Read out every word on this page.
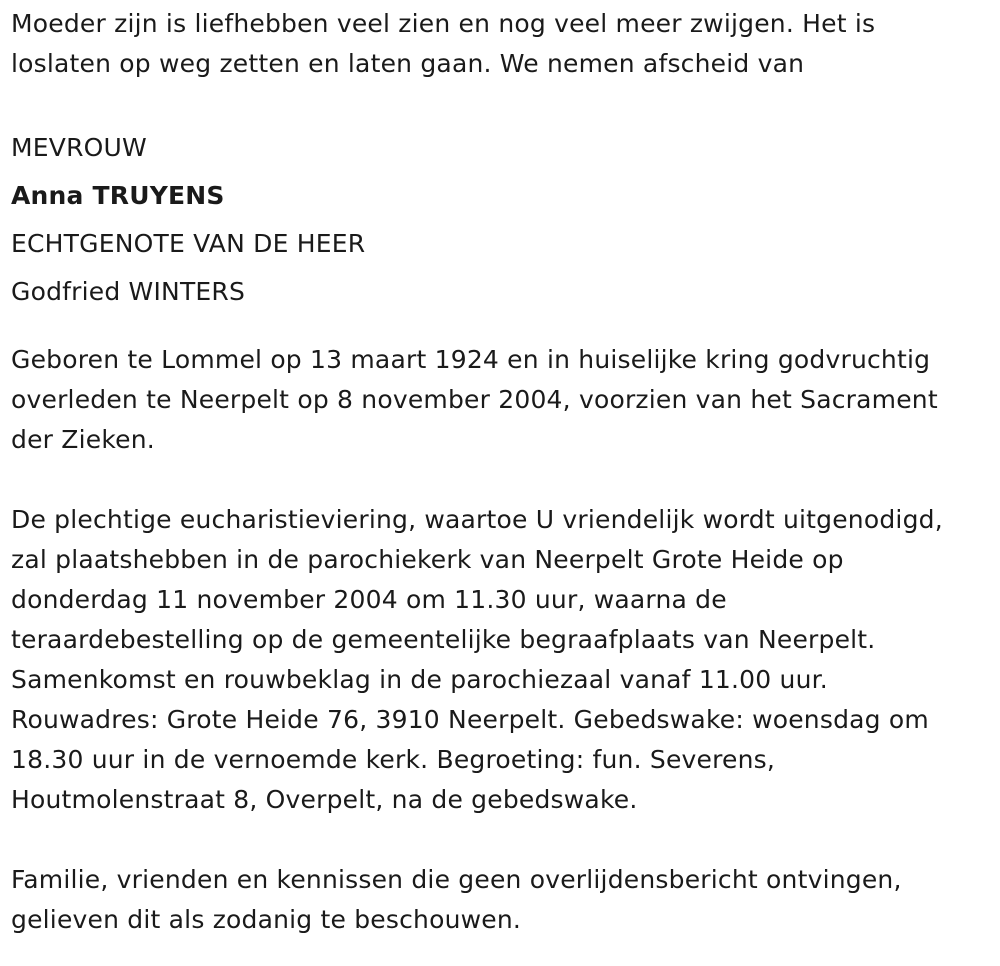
Moeder zijn is liefhebben veel zien en nog veel meer zwijgen. Het is

loslaten op weg zetten en laten gaan. We nemen afscheid van

MEVROUW
Anna TRUYENS
ECHTGENOTE VAN DE HEER
Godfried WINTERS

Geboren te Lommel op 13 maart 1924 en in huiselijke kring godvruchtig

overleden te Neerpelt op 8 november 2004, voorzien van het Sacrament

der Zieken.

De plechtige eucharistieviering, waartoe U vriendelijk wordt uitgenodigd,

zal plaatshebben in de parochiekerk van Neerpelt Grote Heide op

donderdag 11 november 2004 om 11.30 uur, waarna de

teraardebestelling op de gemeentelijke begraafplaats van Neerpelt.

Samenkomst en rouwbeklag in de parochiezaal vanaf 11.00 uur.

Rouwadres: Grote Heide 76, 3910 Neerpelt. Gebedswake: woensdag om

18.30 uur in de vernoemde kerk. Begroeting: fun. Severens,

Houtmolenstraat 8, Overpelt, na de gebedswake.

Familie, vrienden en kennissen die geen overlijdensbericht ontvingen,

gelieven dit als zodanig te beschouwen.
